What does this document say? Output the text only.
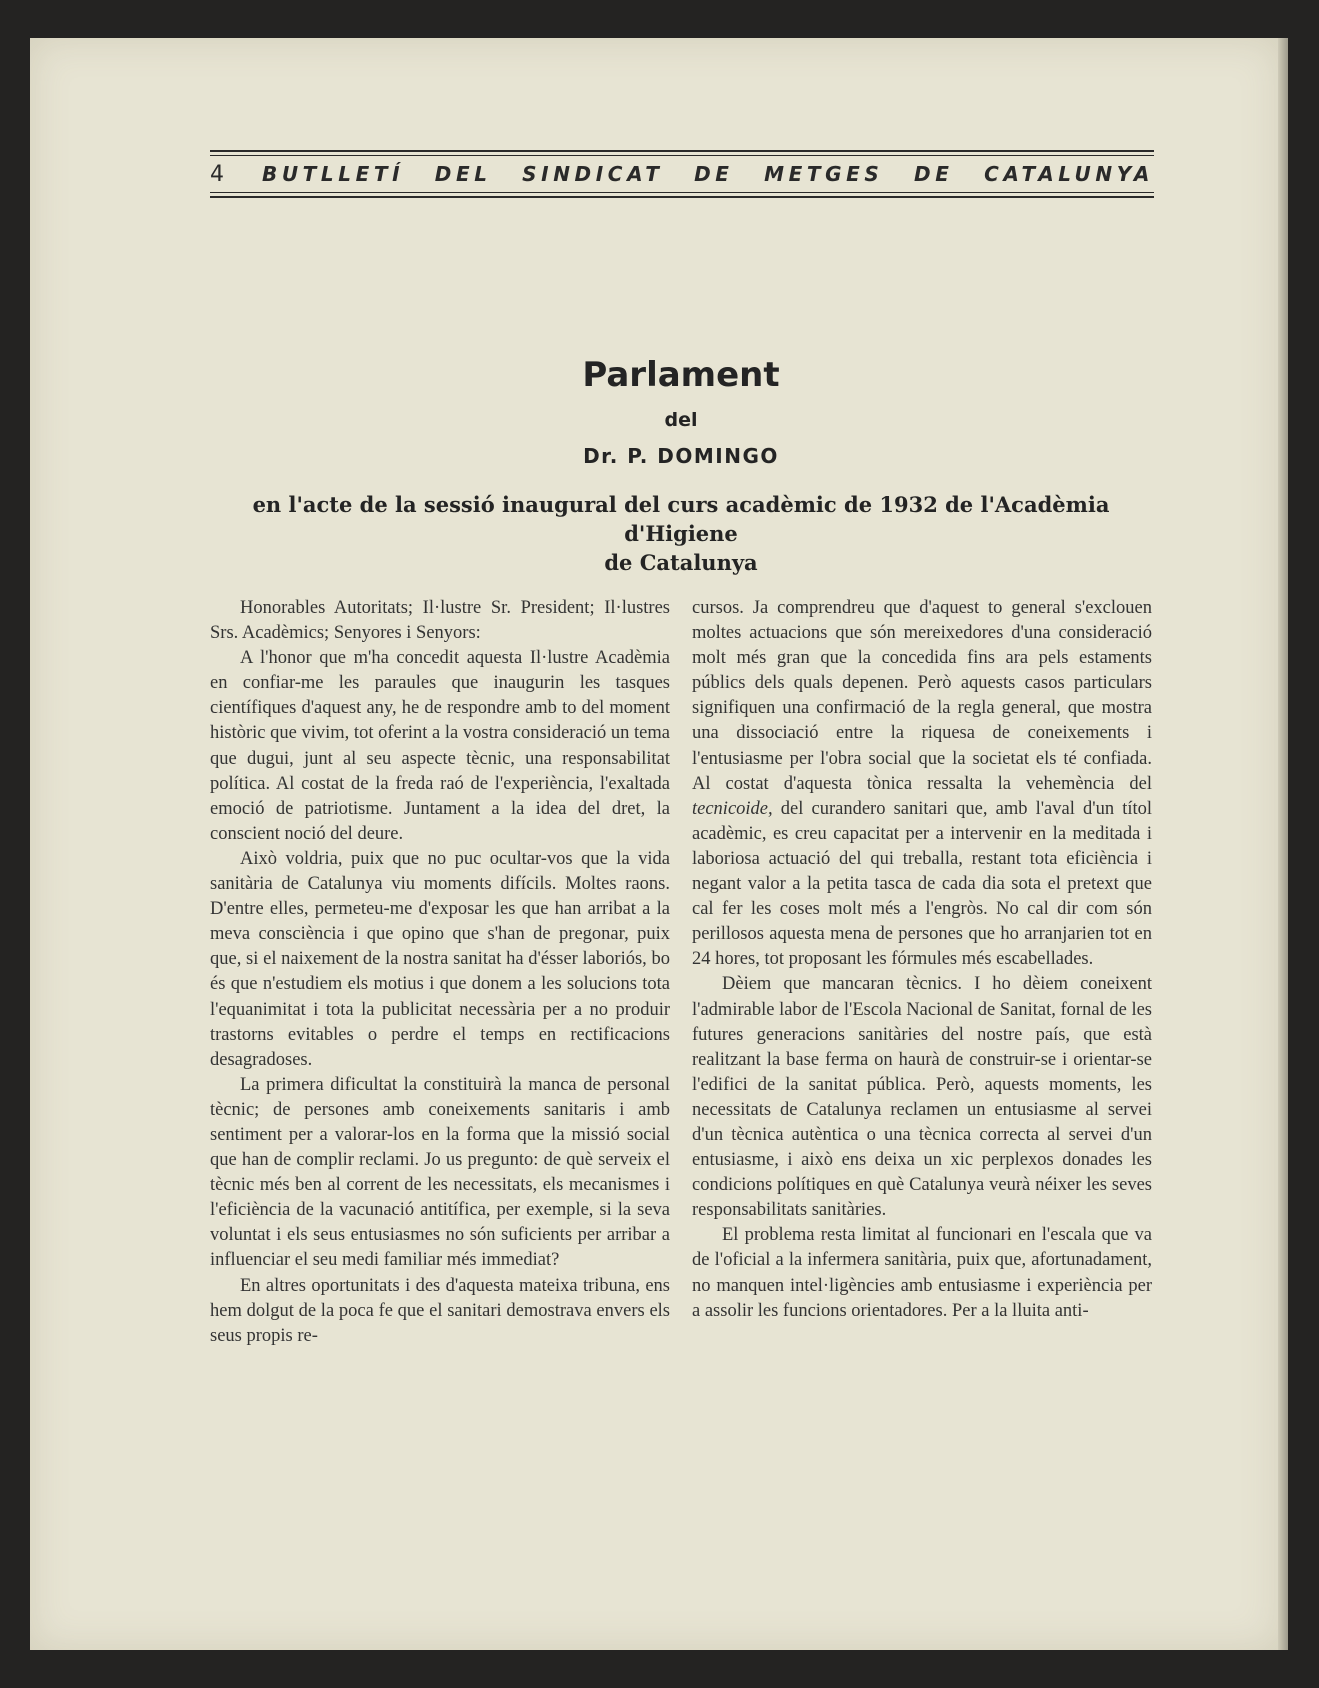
4	BUTLLETÍ DEL SINDICAT DE METGES DE CATALUNYA
Parlament
del
Dr. P. DOMINGO
en l'acte de la sessió inaugural del curs acadèmic de 1932 de l'Acadèmia d'Higiene
de Catalunya

Honorables Autoritats; Il·lustre Sr. President; Il·lustres Srs. Acadèmics; Senyores i Senyors:

A l'honor que m'ha concedit aquesta Il·lustre Acadèmia en confiar-me les paraules que inaugurin les tasques científiques d'aquest any, he de respondre amb to del moment històric que vivim, tot oferint a la vostra consideració un tema que dugui, junt al seu aspecte tècnic, una responsabilitat política. Al costat de la freda raó de l'experiència, l'exaltada emoció de patriotisme. Juntament a la idea del dret, la conscient noció del deure.

Això voldria, puix que no puc ocultar-vos que la vida sanitària de Catalunya viu moments difícils. Moltes raons. D'entre elles, permeteu-me d'exposar les que han arribat a la meva consciència i que opino que s'han de pregonar, puix que, si el naixement de la nostra sanitat ha d'ésser laboriós, bo és que n'estudiem els motius i que donem a les solucions tota l'equanimitat i tota la publicitat necessària per a no produir trastorns evitables o perdre el temps en rectificacions desagradoses.

La primera dificultat la constituirà la manca de personal tècnic; de persones amb coneixements sanitaris i amb sentiment per a valorar-los en la forma que la missió social que han de complir reclami. Jo us pregunto: de què serveix el tècnic més ben al corrent de les necessitats, els mecanismes i l'eficiència de la vacunació antitífica, per exemple, si la seva voluntat i els seus entusiasmes no són suficients per arribar a influenciar el seu medi familiar més immediat?

En altres oportunitats i des d'aquesta mateixa tribuna, ens hem dolgut de la poca fe que el sanitari demostrava envers els seus propis re-

cursos. Ja comprendreu que d'aquest to general s'exclouen moltes actuacions que són mereixedores d'una consideració molt més gran que la concedida fins ara pels estaments públics dels quals depenen. Però aquests casos particulars signifiquen una confirmació de la regla general, que mostra una dissociació entre la riquesa de coneixements i l'entusiasme per l'obra social que la societat els té confiada. Al costat d'aquesta tònica ressalta la vehemència del tecnicoide, del curandero sanitari que, amb l'aval d'un títol acadèmic, es creu capacitat per a intervenir en la meditada i laboriosa actuació del qui treballa, restant tota eficiència i negant valor a la petita tasca de cada dia sota el pretext que cal fer les coses molt més a l'engròs. No cal dir com són perillosos aquesta mena de persones que ho arranjarien tot en 24 hores, tot proposant les fórmules més escabellades.

Dèiem que mancaran tècnics. I ho dèiem coneixent l'admirable labor de l'Escola Nacional de Sanitat, fornal de les futures generacions sanitàries del nostre país, que està realitzant la base ferma on haurà de construir-se i orientar-se l'edifici de la sanitat pública. Però, aquests moments, les necessitats de Catalunya reclamen un entusiasme al servei d'un tècnica autèntica o una tècnica correcta al servei d'un entusiasme, i això ens deixa un xic perplexos donades les condicions polítiques en què Catalunya veurà néixer les seves responsabilitats sanitàries.

El problema resta limitat al funcionari en l'escala que va de l'oficial a la infermera sanitària, puix que, afortunadament, no manquen intel·ligències amb entusiasme i experiència per a assolir les funcions orientadores. Per a la lluita anti-
